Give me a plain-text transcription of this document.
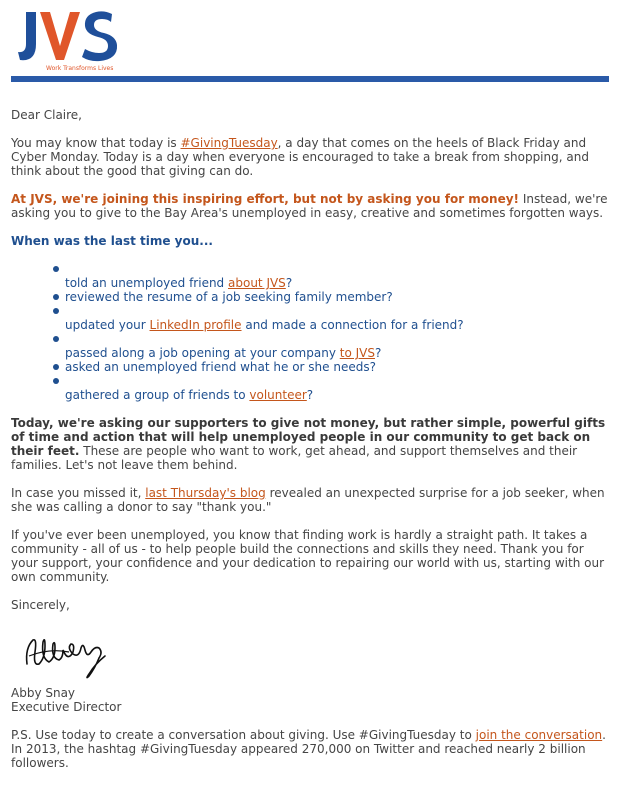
Work Transforms Lives

Dear Claire,

You may know that today is #GivingTuesday, a day that comes on the heels of Black Friday and Cyber Monday. Today is a day when everyone is encouraged to take a break from shopping, and think about the good that giving can do.

At JVS, we're joining this inspiring effort, but not by asking you for money! Instead, we're asking you to give to the Bay Area's unemployed in easy, creative and sometimes forgotten ways.

When was the last time you...

told an unemployed friend about JVS?
reviewed the resume of a job seeking family member?
updated your LinkedIn profile and made a connection for a friend?
passed along a job opening at your company to JVS?
asked an unemployed friend what he or she needs?
gathered a group of friends to volunteer?

Today, we're asking our supporters to give not money, but rather simple, powerful gifts of time and action that will help unemployed people in our community to get back on their feet. These are people who want to work, get ahead, and support themselves and their families. Let's not leave them behind.

In case you missed it, last Thursday's blog revealed an unexpected surprise for a job seeker, when she was calling a donor to say "thank you."

If you've ever been unemployed, you know that finding work is hardly a straight path. It takes a community - all of us - to help people build the connections and skills they need. Thank you for your support, your confidence and your dedication to repairing our world with us, starting with our own community.

Sincerely,

Abby Snay

Executive Director

P.S. Use today to create a conversation about giving. Use #GivingTuesday to join the conversation. In 2013, the hashtag #GivingTuesday appeared 270,000 on Twitter and reached nearly 2 billion followers.
